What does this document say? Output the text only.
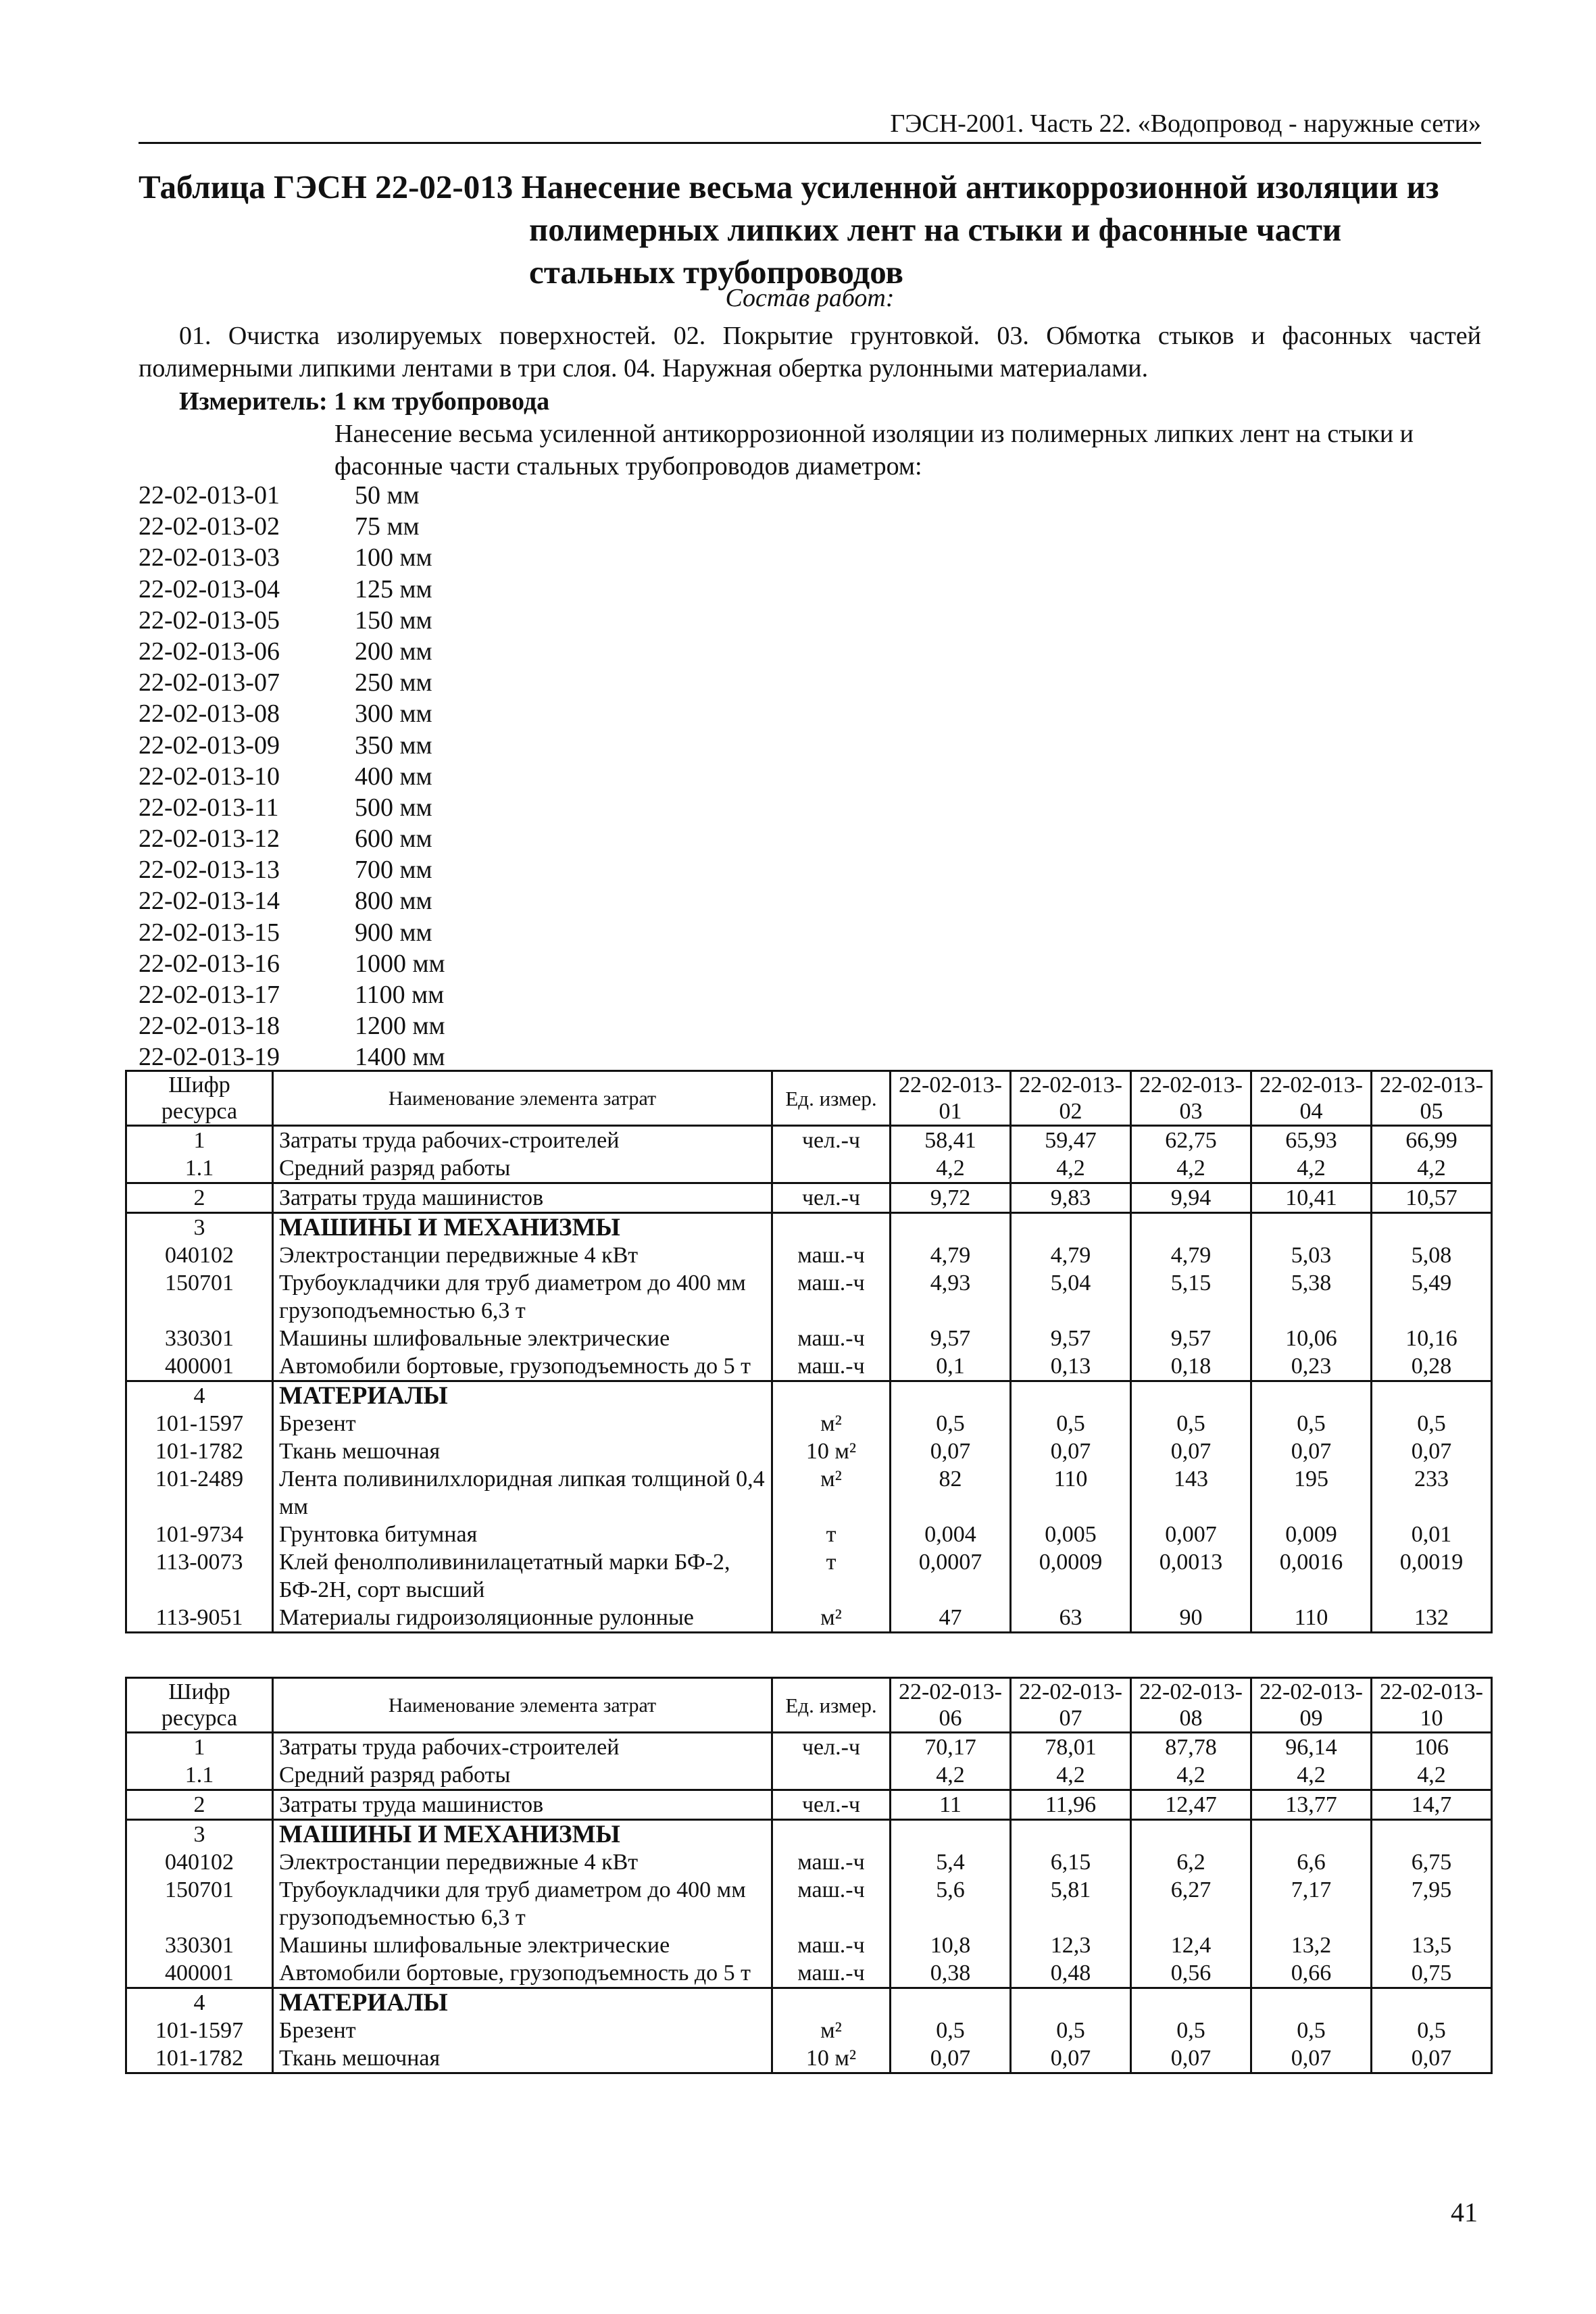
ГЭСН-2001. Часть 22. «Водопровод - наружные сети»
Таблица ГЭСН 22-02-013 Нанесение весьма усиленной антикоррозионной изоляции из
полимерных липких лент на стыки и фасонные части
стальных трубопроводов
Состав работ:
01. Очистка изолируемых поверхностей. 02. Покрытие грунтовкой. 03. Обмотка стыков и фасонных частей полимерными липкими лентами в три слоя. 04. Наружная обертка рулонными материалами.
Измеритель: 1 км трубопровода
Нанесение весьма усиленной антикоррозионной изоляции из полимерных липких лент на стыки и фасонные части стальных трубопроводов диаметром:
22-02-013-01	50 мм
22-02-013-02	75 мм
22-02-013-03	100 мм
22-02-013-04	125 мм
22-02-013-05	150 мм
22-02-013-06	200 мм
22-02-013-07	250 мм
22-02-013-08	300 мм
22-02-013-09	350 мм
22-02-013-10	400 мм
22-02-013-11	500 мм
22-02-013-12	600 мм
22-02-013-13	700 мм
22-02-013-14	800 мм
22-02-013-15	900 мм
22-02-013-16	1000 мм
22-02-013-17	1100 мм
22-02-013-18	1200 мм
22-02-013-19	1400 мм
Шифр ресурса	Наименование элемента затрат	Ед. измер.	22-02-013-01	22-02-013-02	22-02-013-03	22-02-013-04	22-02-013-05
1	Затраты труда рабочих-строителей	чел.-ч	58,41	59,47	62,75	65,93	66,99
1.1	Средний разряд работы		4,2	4,2	4,2	4,2	4,2
2	Затраты труда машинистов	чел.-ч	9,72	9,83	9,94	10,41	10,57
3	МАШИНЫ И МЕХАНИЗМЫ						
040102	Электростанции передвижные 4 кВт	маш.-ч	4,79	4,79	4,79	5,03	5,08
150701	Трубоукладчики для труб диаметром до 400 мм грузоподъемностью 6,3 т	маш.-ч	4,93	5,04	5,15	5,38	5,49
330301	Машины шлифовальные электрические	маш.-ч	9,57	9,57	9,57	10,06	10,16
400001	Автомобили бортовые, грузоподъемность до 5 т	маш.-ч	0,1	0,13	0,18	0,23	0,28
4	МАТЕРИАЛЫ						
101-1597	Брезент	м²	0,5	0,5	0,5	0,5	0,5
101-1782	Ткань мешочная	10 м²	0,07	0,07	0,07	0,07	0,07
101-2489	Лента поливинилхлоридная липкая толщиной 0,4 мм	м²	82	110	143	195	233
101-9734	Грунтовка битумная	т	0,004	0,005	0,007	0,009	0,01
113-0073	Клей фенолполивинилацетатный марки БФ-2, БФ-2Н, сорт высший	т	0,0007	0,0009	0,0013	0,0016	0,0019
113-9051	Материалы гидроизоляционные рулонные	м²	47	63	90	110	132
Шифр ресурса	Наименование элемента затрат	Ед. измер.	22-02-013-06	22-02-013-07	22-02-013-08	22-02-013-09	22-02-013-10
1	Затраты труда рабочих-строителей	чел.-ч	70,17	78,01	87,78	96,14	106
1.1	Средний разряд работы		4,2	4,2	4,2	4,2	4,2
2	Затраты труда машинистов	чел.-ч	11	11,96	12,47	13,77	14,7
3	МАШИНЫ И МЕХАНИЗМЫ						
040102	Электростанции передвижные 4 кВт	маш.-ч	5,4	6,15	6,2	6,6	6,75
150701	Трубоукладчики для труб диаметром до 400 мм грузоподъемностью 6,3 т	маш.-ч	5,6	5,81	6,27	7,17	7,95
330301	Машины шлифовальные электрические	маш.-ч	10,8	12,3	12,4	13,2	13,5
400001	Автомобили бортовые, грузоподъемность до 5 т	маш.-ч	0,38	0,48	0,56	0,66	0,75
4	МАТЕРИАЛЫ						
101-1597	Брезент	м²	0,5	0,5	0,5	0,5	0,5
101-1782	Ткань мешочная	10 м²	0,07	0,07	0,07	0,07	0,07
41
